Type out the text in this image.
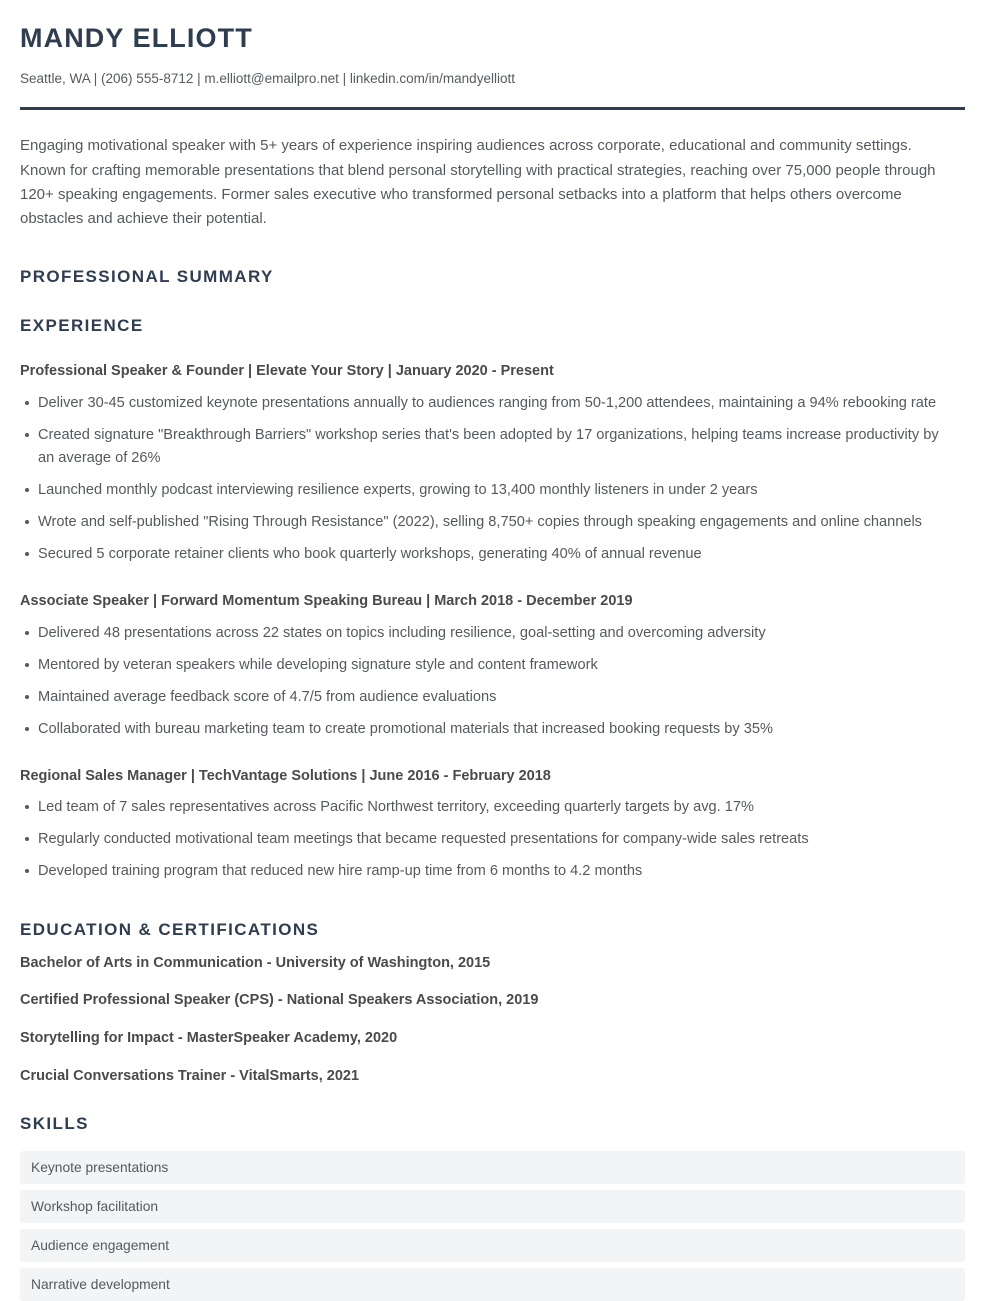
MANDY ELLIOTT

Seattle, WA | (206) 555-8712 | m.elliott@emailpro.net | linkedin.com/in/mandyelliott

Engaging motivational speaker with 5+ years of experience inspiring audiences across corporate, educational and community settings. Known for crafting memorable presentations that blend personal storytelling with practical strategies, reaching over 75,000 people through 120+ speaking engagements. Former sales executive who transformed personal setbacks into a platform that helps others overcome obstacles and achieve their potential.

PROFESSIONAL SUMMARY
EXPERIENCE
Professional Speaker & Founder | Elevate Your Story | January 2020 - Present
Deliver 30-45 customized keynote presentations annually to audiences ranging from 50-1,200 attendees, maintaining a 94% rebooking rate
Created signature "Breakthrough Barriers" workshop series that's been adopted by 17 organizations, helping teams increase productivity by an average of 26%
Launched monthly podcast interviewing resilience experts, growing to 13,400 monthly listeners in under 2 years
Wrote and self-published "Rising Through Resistance" (2022), selling 8,750+ copies through speaking engagements and online channels
Secured 5 corporate retainer clients who book quarterly workshops, generating 40% of annual revenue
Associate Speaker | Forward Momentum Speaking Bureau | March 2018 - December 2019
Delivered 48 presentations across 22 states on topics including resilience, goal-setting and overcoming adversity
Mentored by veteran speakers while developing signature style and content framework
Maintained average feedback score of 4.7/5 from audience evaluations
Collaborated with bureau marketing team to create promotional materials that increased booking requests by 35%
Regional Sales Manager | TechVantage Solutions | June 2016 - February 2018
Led team of 7 sales representatives across Pacific Northwest territory, exceeding quarterly targets by avg. 17%
Regularly conducted motivational team meetings that became requested presentations for company-wide sales retreats
Developed training program that reduced new hire ramp-up time from 6 months to 4.2 months
EDUCATION & CERTIFICATIONS
Bachelor of Arts in Communication - University of Washington, 2015
Certified Professional Speaker (CPS) - National Speakers Association, 2019
Storytelling for Impact - MasterSpeaker Academy, 2020
Crucial Conversations Trainer - VitalSmarts, 2021
SKILLS
Keynote presentations
Workshop facilitation
Audience engagement
Narrative development
